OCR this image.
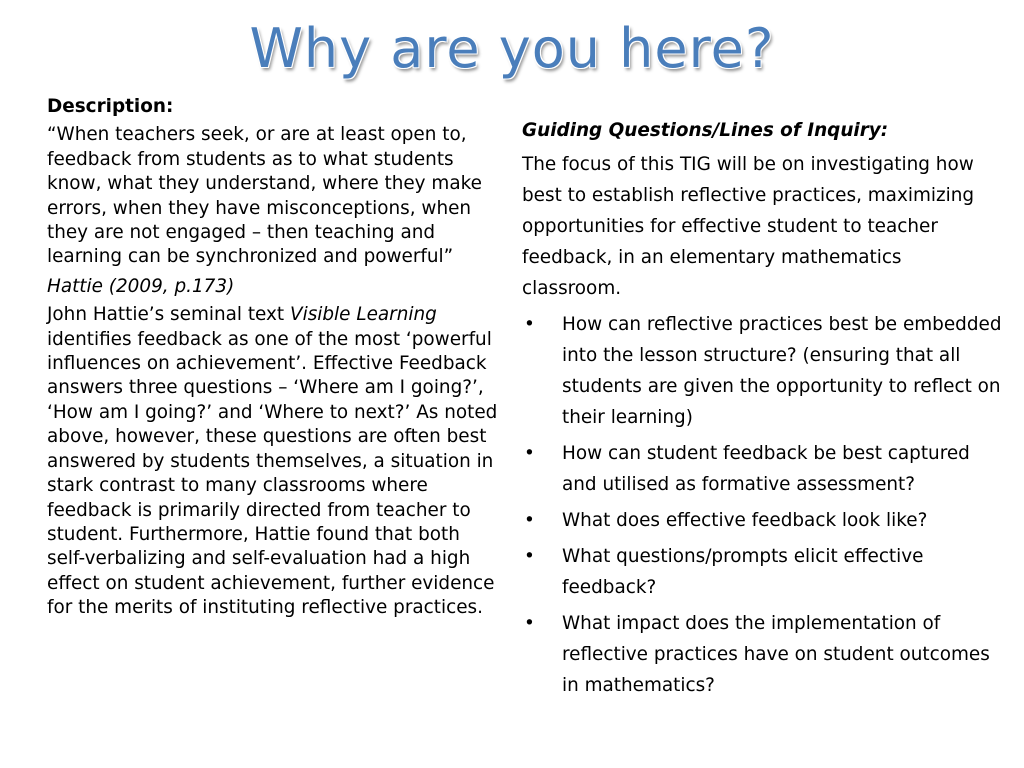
Why are you here?

Description:

“When teachers seek, or are at least open to, feedback from students as to what students know, what they understand, where they make errors, when they have misconceptions, when they are not engaged – then teaching and learning can be synchronized and powerful”

Hattie (2009, p.173)

John Hattie’s seminal text Visible Learning identifies feedback as one of the most ‘powerful influences on achievement’. Effective Feedback answers three questions – ‘Where am I going?’, ‘How am I going?’ and ‘Where to next?’ As noted above, however, these questions are often best answered by students themselves, a situation in stark contrast to many classrooms where feedback is primarily directed from teacher to student. Furthermore, Hattie found that both self-verbalizing and self-evaluation had a high effect on student achievement, further evidence for the merits of instituting reflective practices.

Guiding Questions/Lines of Inquiry:

The focus of this TIG will be on investigating how best to establish reflective practices, maximizing opportunities for effective student to teacher feedback, in an elementary mathematics classroom.

• How can reflective practices best be embedded into the lesson structure? (ensuring that all students are given the opportunity to reflect on their learning)
• How can student feedback be best captured and utilised as formative assessment?
• What does effective feedback look like?
• What questions/prompts elicit effective feedback?
• What impact does the implementation of reflective practices have on student outcomes in mathematics?
